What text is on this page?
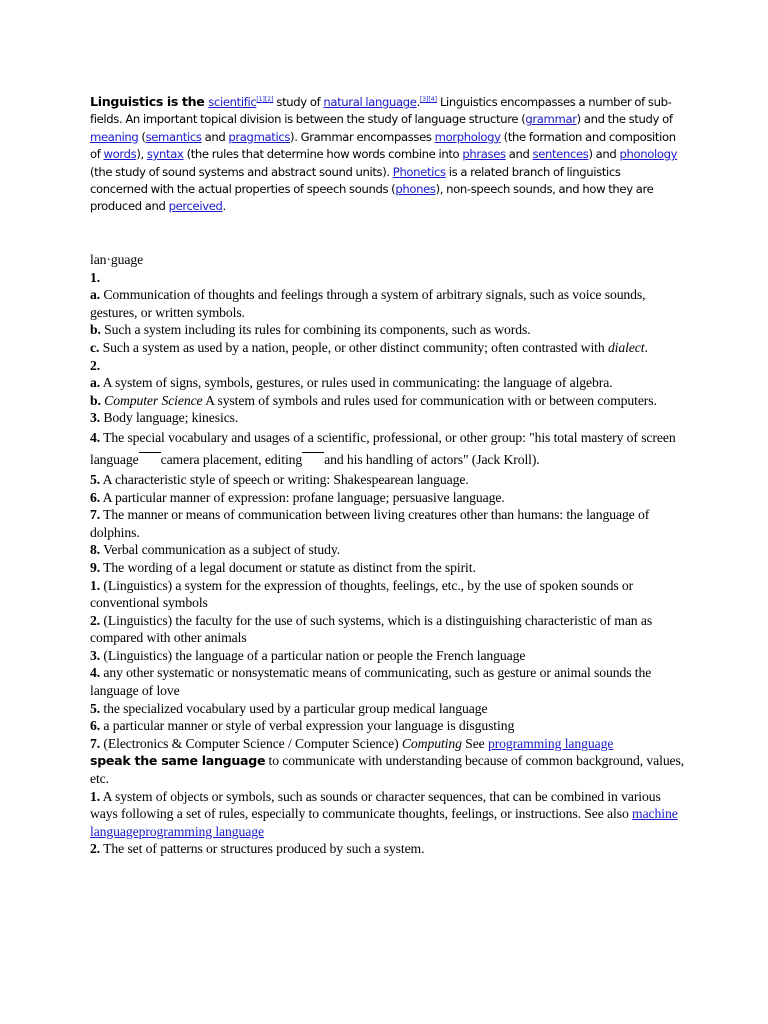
Linguistics is the scientific[1][2] study of natural language.[3][4] Linguistics encompasses a number of sub-fields. An important topical division is between the study of language structure (grammar) and the study of meaning (semantics and pragmatics). Grammar encompasses morphology (the formation and composition of words), syntax (the rules that determine how words combine into phrases and sentences) and phonology (the study of sound systems and abstract sound units). Phonetics is a related branch of linguistics concerned with the actual properties of speech sounds (phones), non-speech sounds, and how they are produced and perceived.

lan·guage

1.

a. Communication of thoughts and feelings through a system of arbitrary signals, such as voice sounds, gestures, or written symbols.

b. Such a system including its rules for combining its components, such as words.

c. Such a system as used by a nation, people, or other distinct community; often contrasted with dialect.

2.

a. A system of signs, symbols, gestures, or rules used in communicating: the language of algebra.

b. Computer Science A system of symbols and rules used for communication with or between computers.

3. Body language; kinesics.

4. The special vocabulary and usages of a scientific, professional, or other group: "his total mastery of screen language camera placement, editing and his handling of actors" (Jack Kroll).

5. A characteristic style of speech or writing: Shakespearean language.

6. A particular manner of expression: profane language; persuasive language.

7. The manner or means of communication between living creatures other than humans: the language of dolphins.

8. Verbal communication as a subject of study.

9. The wording of a legal document or statute as distinct from the spirit.

1. (Linguistics) a system for the expression of thoughts, feelings, etc., by the use of spoken sounds or conventional symbols

2. (Linguistics) the faculty for the use of such systems, which is a distinguishing characteristic of man as compared with other animals

3. (Linguistics) the language of a particular nation or people the French language

4. any other systematic or nonsystematic means of communicating, such as gesture or animal sounds the language of love

5. the specialized vocabulary used by a particular group medical language

6. a particular manner or style of verbal expression your language is disgusting

7. (Electronics & Computer Science / Computer Science) Computing See programming language

speak the same language to communicate with understanding because of common background, values, etc.

1. A system of objects or symbols, such as sounds or character sequences, that can be combined in various ways following a set of rules, especially to communicate thoughts, feelings, or instructions. See also machine languageprogramming language

2. The set of patterns or structures produced by such a system.
